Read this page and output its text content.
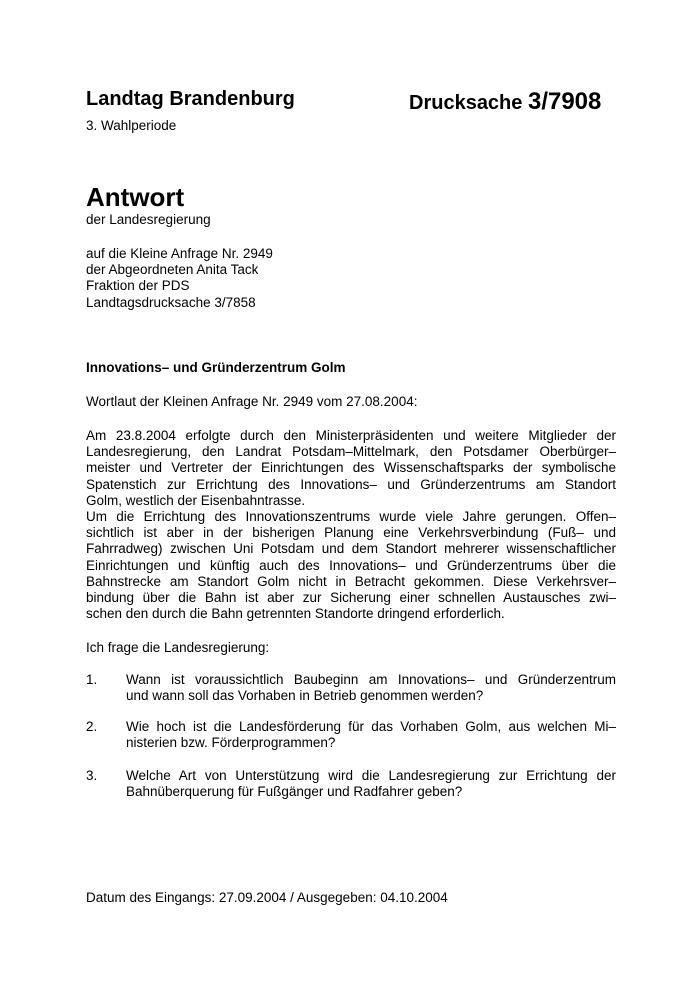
Landtag Brandenburg	Drucksache 3/7908
3. Wahlperiode
Antwort
der Landesregierung
auf die Kleine Anfrage Nr. 2949
der Abgeordneten Anita Tack
Fraktion der PDS
Landtagsdrucksache 3/7858
Innovations– und Gründerzentrum Golm
Wortlaut der Kleinen Anfrage Nr. 2949 vom 27.08.2004:
Am 23.8.2004 erfolgte durch den Ministerpräsidenten und weitere Mitglieder der
Landesregierung, den Landrat Potsdam–Mittelmark, den Potsdamer Oberbürger–
meister und Vertreter der Einrichtungen des Wissenschaftsparks der symbolische
Spatenstich zur Errichtung des Innovations– und Gründerzentrums am Standort
Golm, westlich der Eisenbahntrasse.
Um die Errichtung des Innovationszentrums wurde viele Jahre gerungen. Offen–
sichtlich ist aber in der bisherigen Planung eine Verkehrsverbindung (Fuß– und
Fahrradweg) zwischen Uni Potsdam und dem Standort mehrerer wissenschaftlicher
Einrichtungen und künftig auch des Innovations– und Gründerzentrums über die
Bahnstrecke am Standort Golm nicht in Betracht gekommen. Diese Verkehrsver–
bindung über die Bahn ist aber zur Sicherung einer schnellen Austausches zwi–
schen den durch die Bahn getrennten Standorte dringend erforderlich.
Ich frage die Landesregierung:
1. Wann ist voraussichtlich Baubeginn am Innovations– und Gründerzentrum
und wann soll das Vorhaben in Betrieb genommen werden?
2. Wie hoch ist die Landesförderung für das Vorhaben Golm, aus welchen Mi–
nisterien bzw. Förderprogrammen?
3. Welche Art von Unterstützung wird die Landesregierung zur Errichtung der
Bahnüberquerung für Fußgänger und Radfahrer geben?
Datum des Eingangs: 27.09.2004 / Ausgegeben: 04.10.2004
